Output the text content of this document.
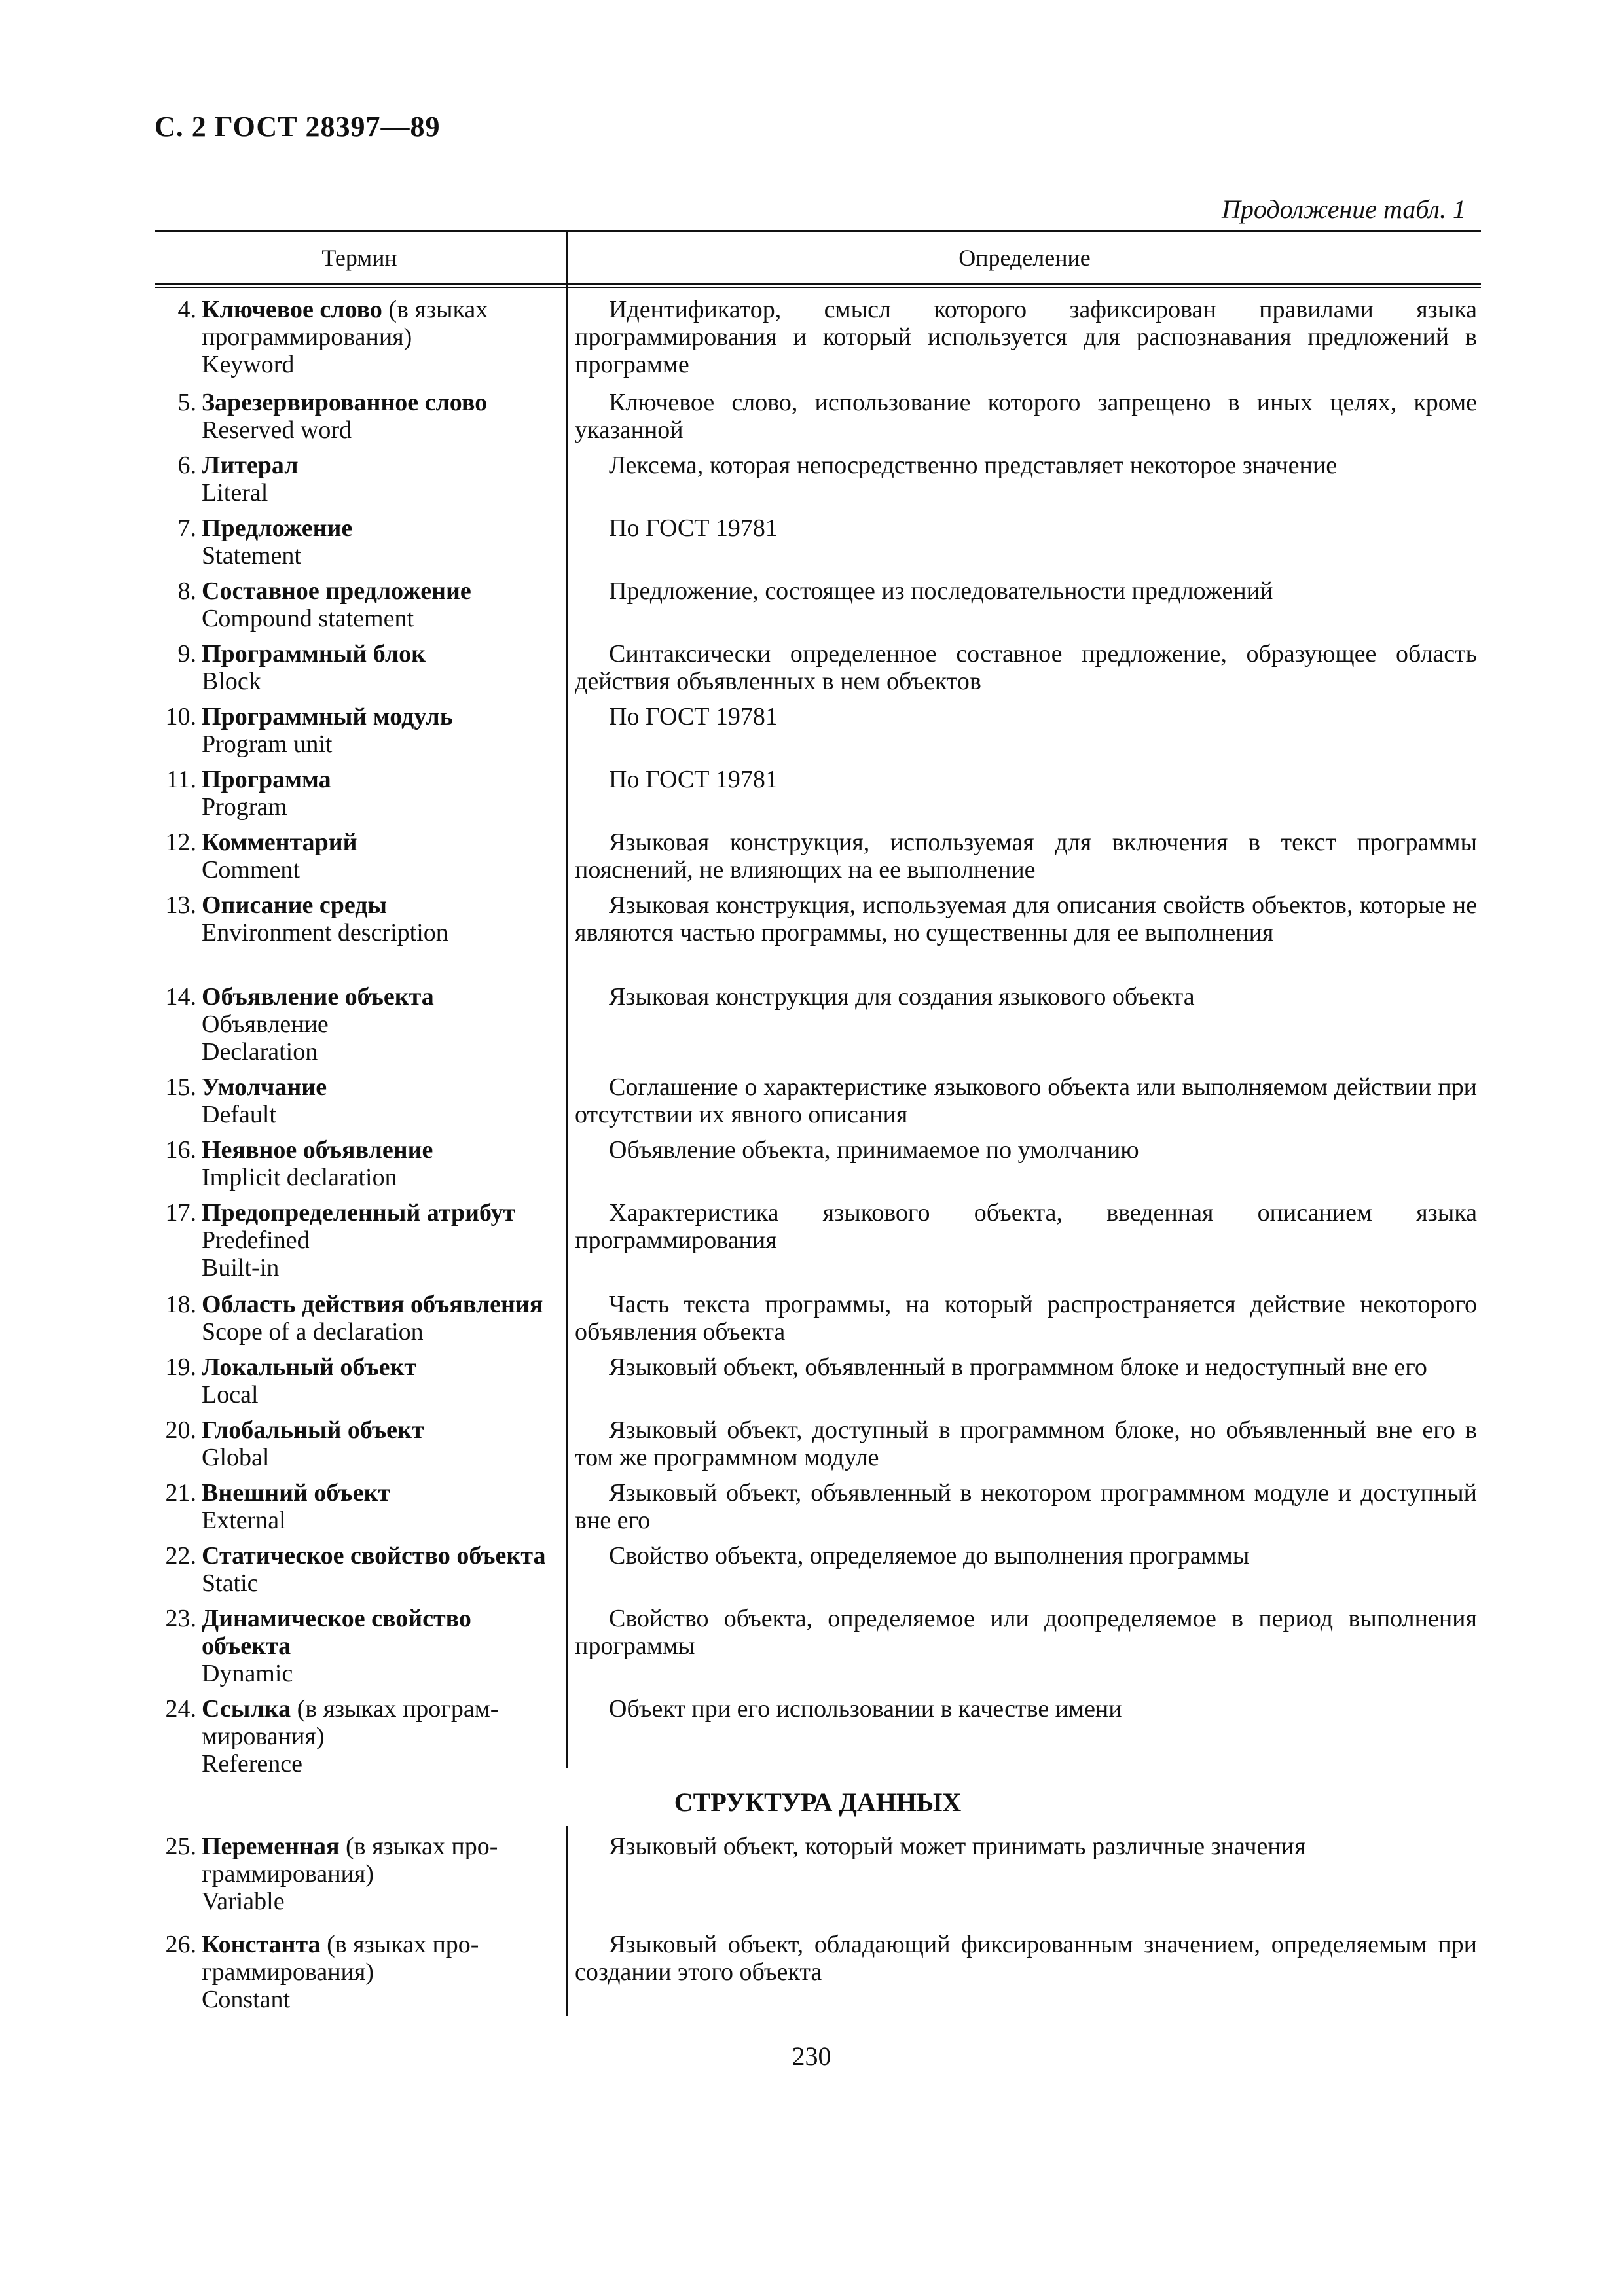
С. 2 ГОСТ 28397—89
Продолжение табл. 1
Термин	Определение
4. Ключевое слово (в языках
программирования)
Keyword
Идентификатор, смысл которого зафиксирован правилами языка программирования и который используется для распознавания предложений в программе
5. Зарезервированное слово
Reserved word
Ключевое слово, использование которого запрещено в иных целях, кроме указанной
6. Литерал
Literal
Лексема, которая непосредственно представляет некоторое значение
7. Предложение
Statement
По ГОСТ 19781
8. Составное предложение
Compound statement
Предложение, состоящее из последовательности предложений
9. Программный блок
Block
Синтаксически определенное составное предложение, образующее область действия объявленных в нем объектов
10. Программный модуль
Program unit
По ГОСТ 19781
11. Программа
Program
По ГОСТ 19781
12. Комментарий
Comment
Языковая конструкция, используемая для включения в текст программы пояснений, не влияющих на ее выполнение
13. Описание среды
Environment description
Языковая конструкция, используемая для описания свойств объектов, которые не являются частью программы, но существенны для ее выполнения
14. Объявление объекта
Объявление
Declaration
Языковая конструкция для создания языкового объекта
15. Умолчание
Default
Соглашение о характеристике языкового объекта или выполняемом действии при отсутствии их явного описания
16. Неявное объявление
Implicit declaration
Объявление объекта, принимаемое по умолчанию
17. Предопределенный атрибут
Predefined
Built-in
Характеристика языкового объекта, введенная описанием языка программирования
18. Область действия объявления
Scope of a declaration
Часть текста программы, на который распространяется действие некоторого объявления объекта
19. Локальный объект
Local
Языковый объект, объявленный в программном блоке и недоступный вне его
20. Глобальный объект
Global
Языковый объект, доступный в программном блоке, но объявленный вне его в том же программном модуле
21. Внешний объект
External
Языковый объект, объявленный в некотором программном модуле и доступный вне его
22. Статическое свойство объекта
Static
Свойство объекта, определяемое до выполнения программы
23. Динамическое свойство
объекта
Dynamic
Свойство объекта, определяемое или доопределяемое в период выполнения программы
24. Ссылка (в языках програм-
мирования)
Reference
Объект при его использовании в качестве имени
СТРУКТУРА ДАННЫХ
25. Переменная (в языках про-
граммирования)
Variable
Языковый объект, который может принимать различные значения
26. Константа (в языках про-
граммирования)
Constant
Языковый объект, обладающий фиксированным значением, определяемым при создании этого объекта
230
